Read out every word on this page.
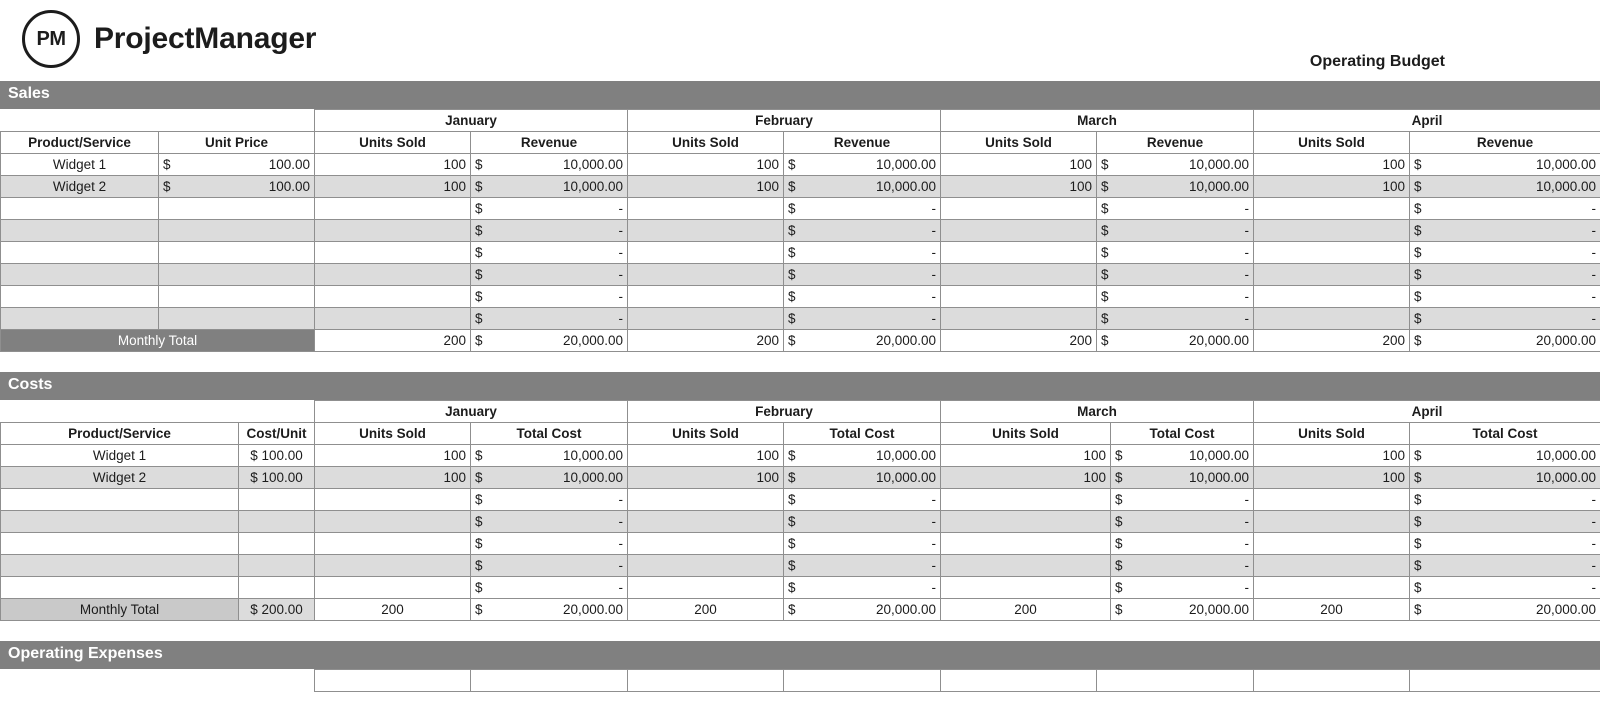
PM ProjectManager
Operating Budget
Sales
		January		February		March		April	
Product/Service	Unit Price	Units Sold	Revenue	Units Sold	Revenue	Units Sold	Revenue	Units Sold	Revenue
Widget 1	$ 100.00	100	$ 10,000.00	100	$ 10,000.00	100	$ 10,000.00	100	$ 10,000.00
Widget 2	$ 100.00	100	$ 10,000.00	100	$ 10,000.00	100	$ 10,000.00	100	$ 10,000.00
			$ -		$ -		$ -		$ -
			$ -		$ -		$ -		$ -
			$ -		$ -		$ -		$ -
			$ -		$ -		$ -		$ -
			$ -		$ -		$ -		$ -
			$ -		$ -		$ -		$ -
Monthly Total		200	$ 20,000.00	200	$ 20,000.00	200	$ 20,000.00	200	$ 20,000.00
Costs
		January		February		March		April	
Product/Service	Cost/Unit	Units Sold	Total Cost	Units Sold	Total Cost	Units Sold	Total Cost	Units Sold	Total Cost
Widget 1	$ 100.00	100	$ 10,000.00	100	$ 10,000.00	100	$ 10,000.00	100	$ 10,000.00
Widget 2	$ 100.00	100	$ 10,000.00	100	$ 10,000.00	100	$ 10,000.00	100	$ 10,000.00
			$ -		$ -		$ -		$ -
			$ -		$ -		$ -		$ -
			$ -		$ -		$ -		$ -
			$ -		$ -		$ -		$ -
			$ -		$ -		$ -		$ -
Monthly Total	$ 200.00	200	$ 20,000.00	200	$ 20,000.00	200	$ 20,000.00	200	$ 20,000.00
Operating Expenses
